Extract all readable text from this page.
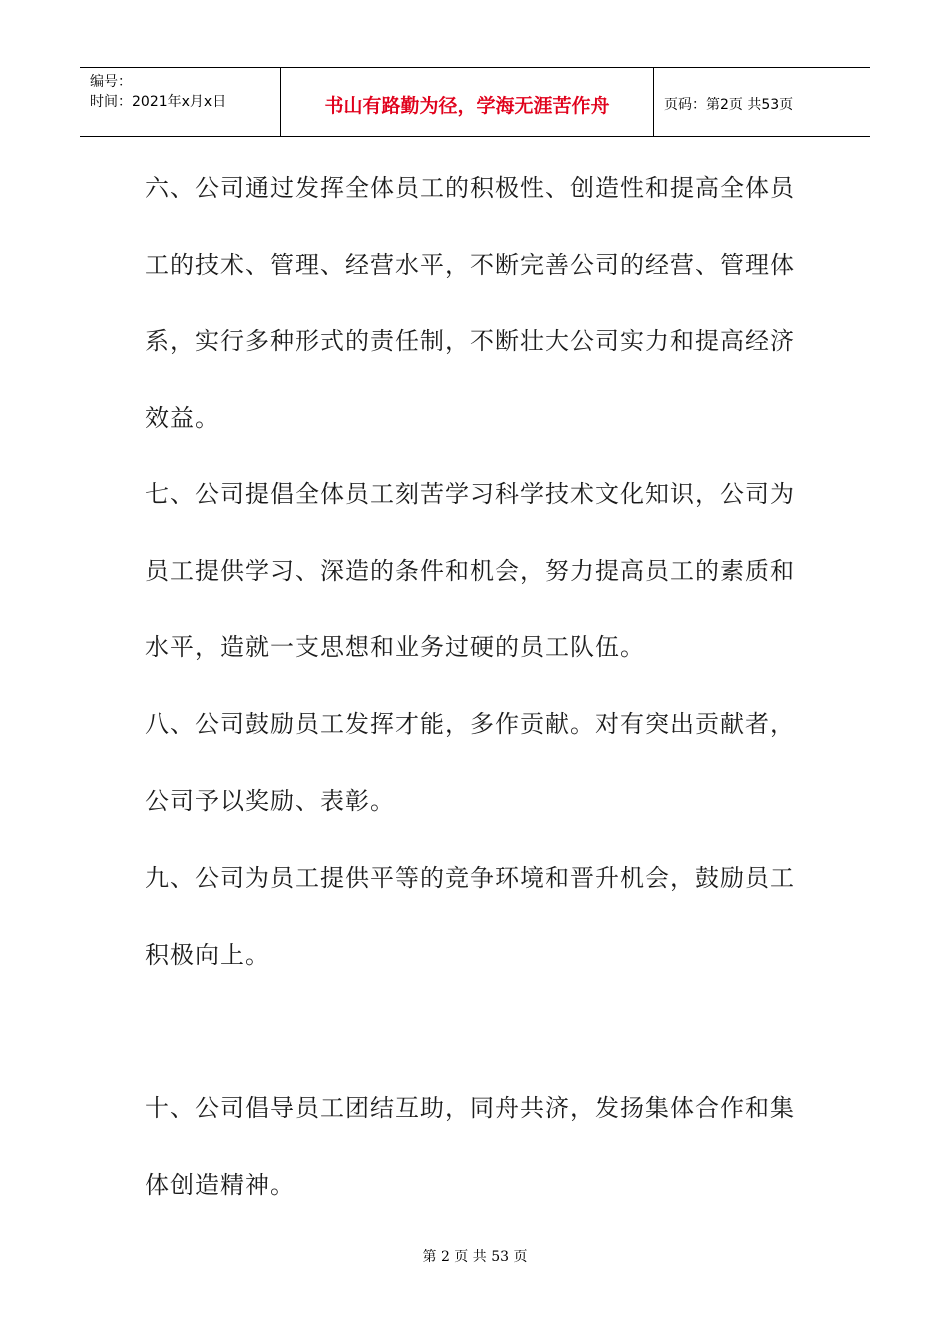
编号：
时间：2021年x月x日	书山有路勤为径，学海无涯苦作舟	页码：第2页 共53页

六、公司通过发挥全体员工的积极性、创造性和提高全体员工的技术、管理、经营水平，不断完善公司的经营、管理体系，实行多种形式的责任制，不断壮大公司实力和提高经济效益。

七、公司提倡全体员工刻苦学习科学技术文化知识，公司为员工提供学习、深造的条件和机会，努力提高员工的素质和水平，造就一支思想和业务过硬的员工队伍。

八、公司鼓励员工发挥才能，多作贡献。对有突出贡献者，公司予以奖励、表彰。

九、公司为员工提供平等的竞争环境和晋升机会，鼓励员工积极向上。

十、公司倡导员工团结互助，同舟共济，发扬集体合作和集体创造精神。

第 2 页 共 53 页
